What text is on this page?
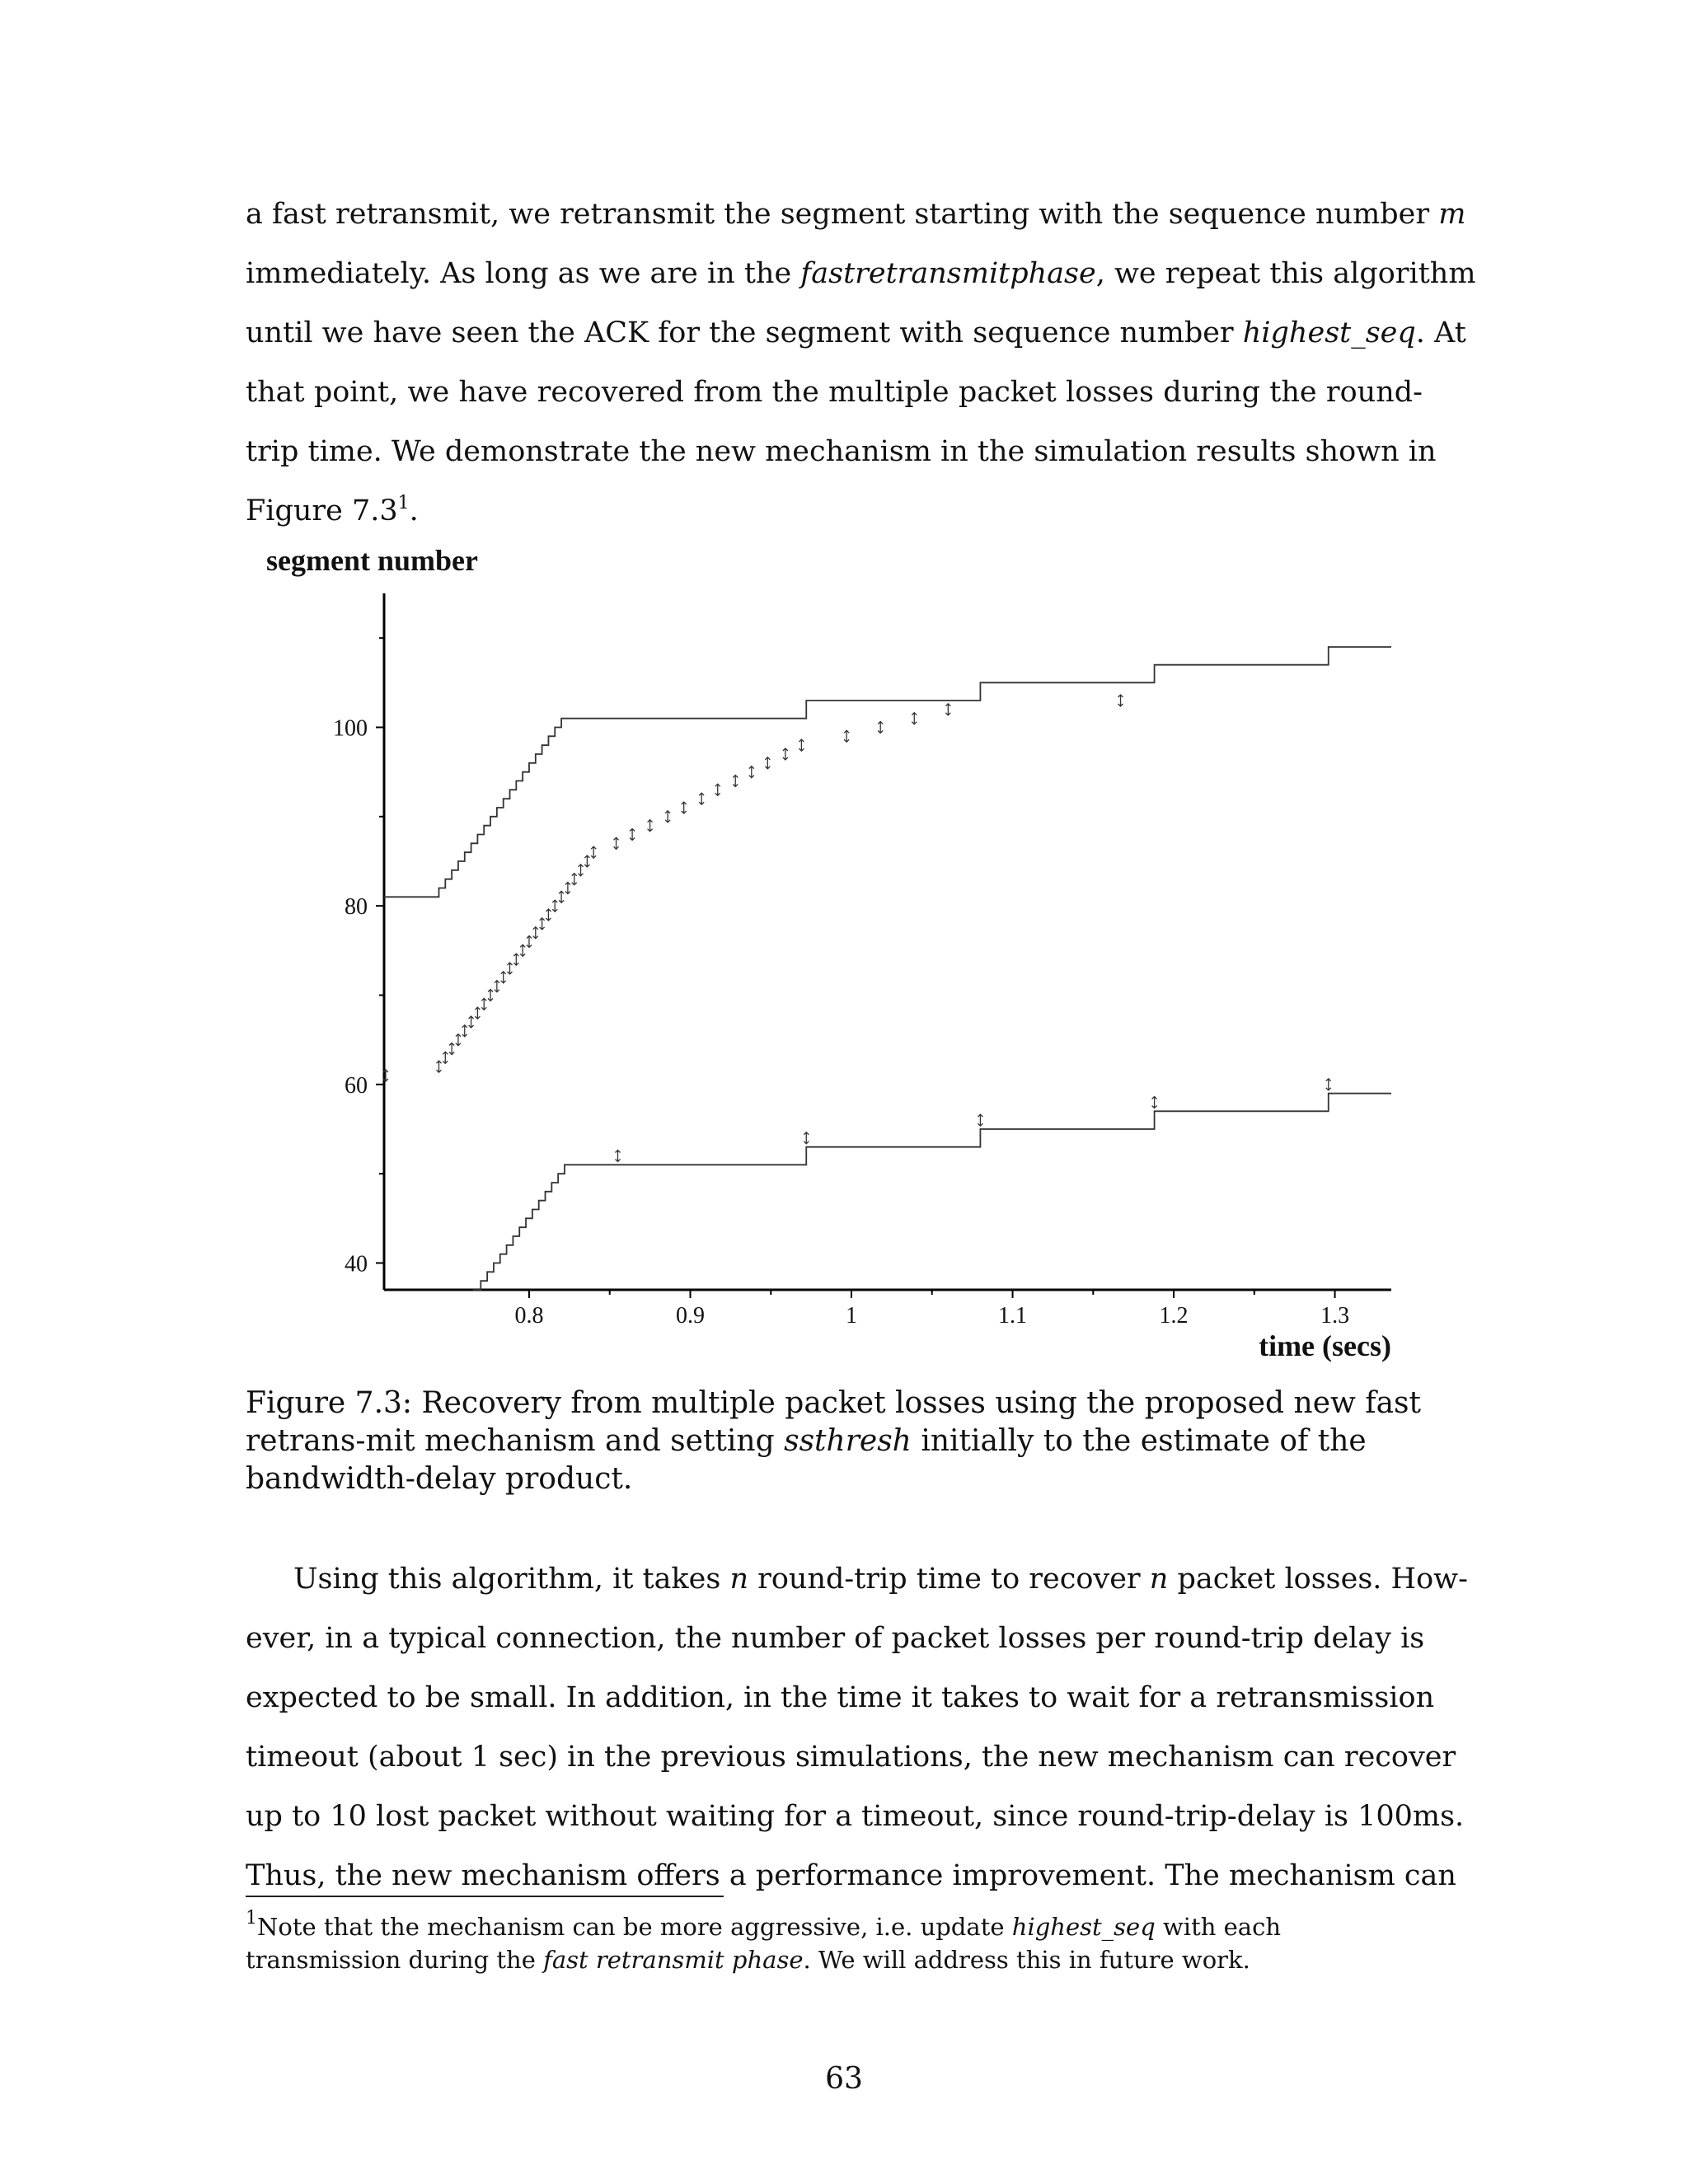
a fast retransmit, we retransmit the segment starting with the sequence number m
immediately. As long as we are in the fastretransmitphase, we repeat this algorithm
until we have seen the ACK for the segment with sequence number highest_seq. At
that point, we have recovered from the multiple packet losses during the round-
trip time. We demonstrate the new mechanism in the simulation results shown in
Figure $7.3^1$.
segment number
time (secs)
0.8	0.9	1	1.1	1.2	1.3
40
60
80
100
Figure 7.3: Recovery from multiple packet losses using the proposed new fast retrans-mit mechanism and setting ssthresh initially to the estimate of the bandwidth-delay product.
Using this algorithm, it takes n round-trip time to recover n packet losses. How-
ever, in a typical connection, the number of packet losses per round-trip delay is
expected to be small. In addition, in the time it takes to wait for a retransmission
timeout (about 1 sec) in the previous simulations, the new mechanism can recover
up to 10 lost packet without waiting for a timeout, since round-trip-delay is 100ms.
Thus, the new mechanism offers a performance improvement. The mechanism can
$^1$Note that the mechanism can be more aggressive, i.e. update highest_seq with each transmission during the fast retransmit phase. We will address this in future work.
63
